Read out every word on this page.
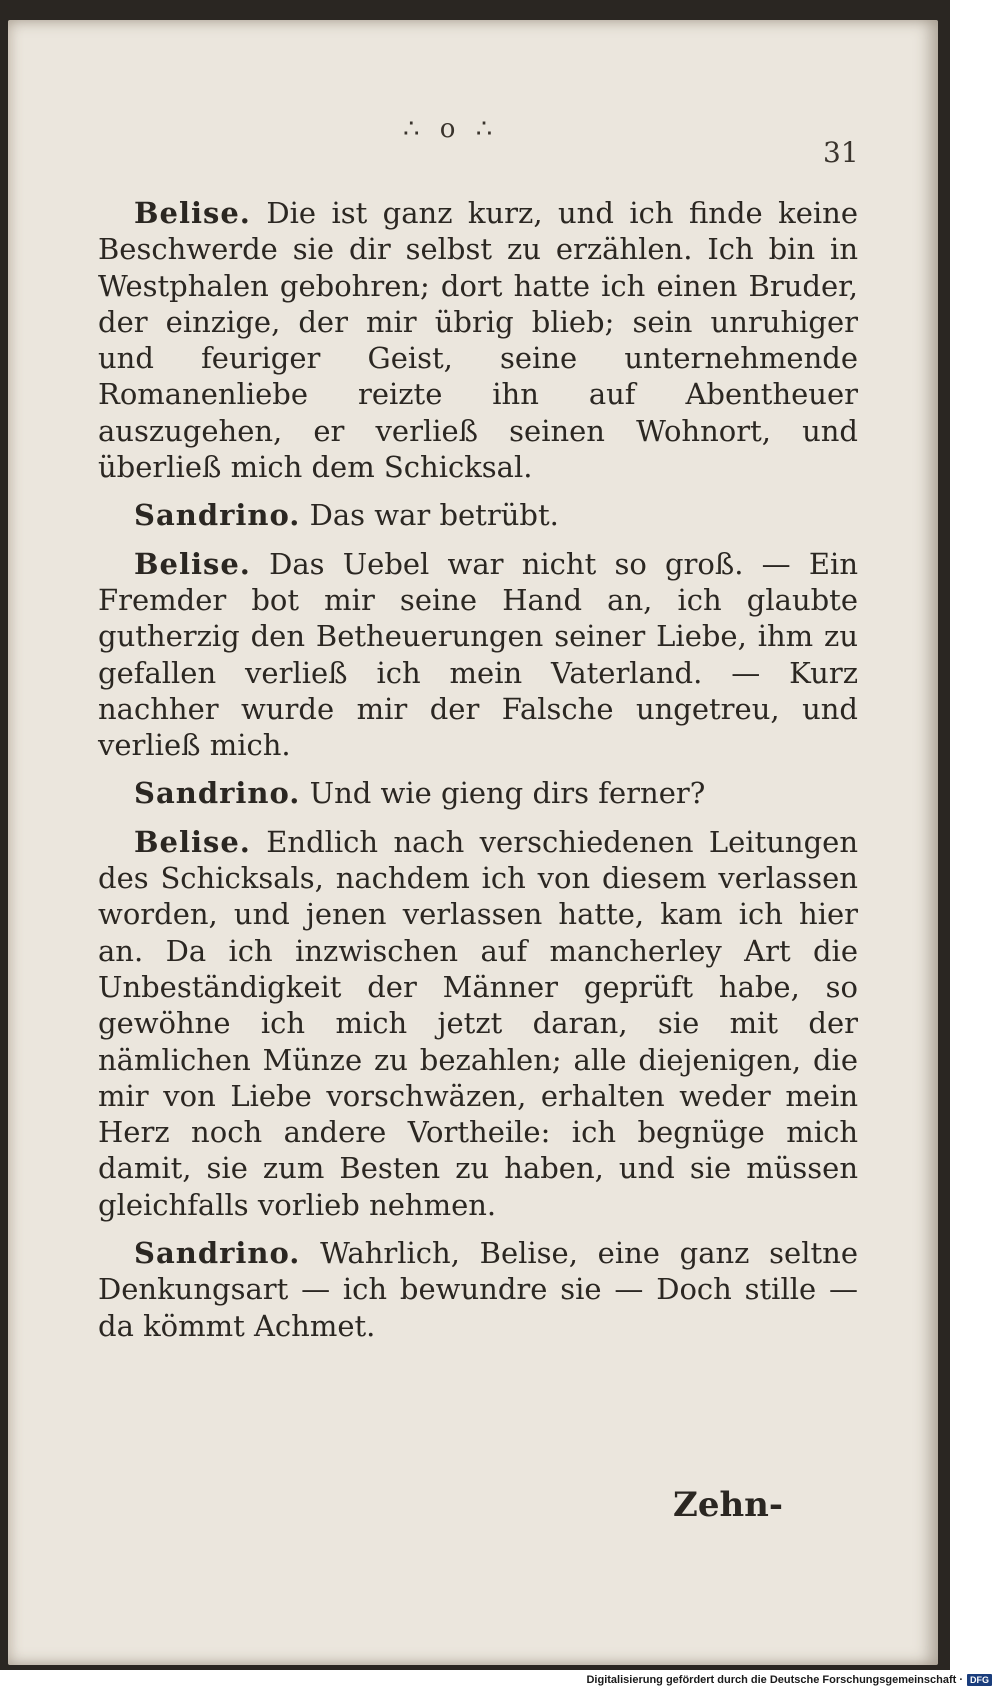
∴ o ∴
31

Belise. Die ist ganz kurz, und ich finde keine Beschwerde sie dir selbst zu erzählen. Ich bin in Westphalen gebohren; dort hatte ich einen Bruder, der einzige, der mir übrig blieb; sein unruhiger und feuriger Geist, seine unternehmende Romanenliebe reizte ihn auf Abentheuer auszugehen, er verließ seinen Wohnort, und überließ mich dem Schicksal.

Sandrino. Das war betrübt.

Belise. Das Uebel war nicht so groß. — Ein Fremder bot mir seine Hand an, ich glaubte gutherzig den Betheuerungen seiner Liebe, ihm zu gefallen verließ ich mein Vaterland. — Kurz nachher wurde mir der Falsche ungetreu, und verließ mich.

Sandrino. Und wie gieng dirs ferner?

Belise. Endlich nach verschiedenen Leitungen des Schicksals, nachdem ich von diesem verlassen worden, und jenen verlassen hatte, kam ich hier an. Da ich inzwischen auf mancherley Art die Unbeständigkeit der Männer geprüft habe, so gewöhne ich mich jetzt daran, sie mit der nämlichen Münze zu bezahlen; alle diejenigen, die mir von Liebe vorschwäzen, erhalten weder mein Herz noch andere Vortheile: ich begnüge mich damit, sie zum Besten zu haben, und sie müssen gleichfalls vorlieb nehmen.

Sandrino. Wahrlich, Belise, eine ganz seltne Denkungsart — ich bewundre sie — Doch stille — da kömmt Achmet.

Zehn-
Digitalisierung gefördert durch die Deutsche Forschungsgemeinschaft · DFG
